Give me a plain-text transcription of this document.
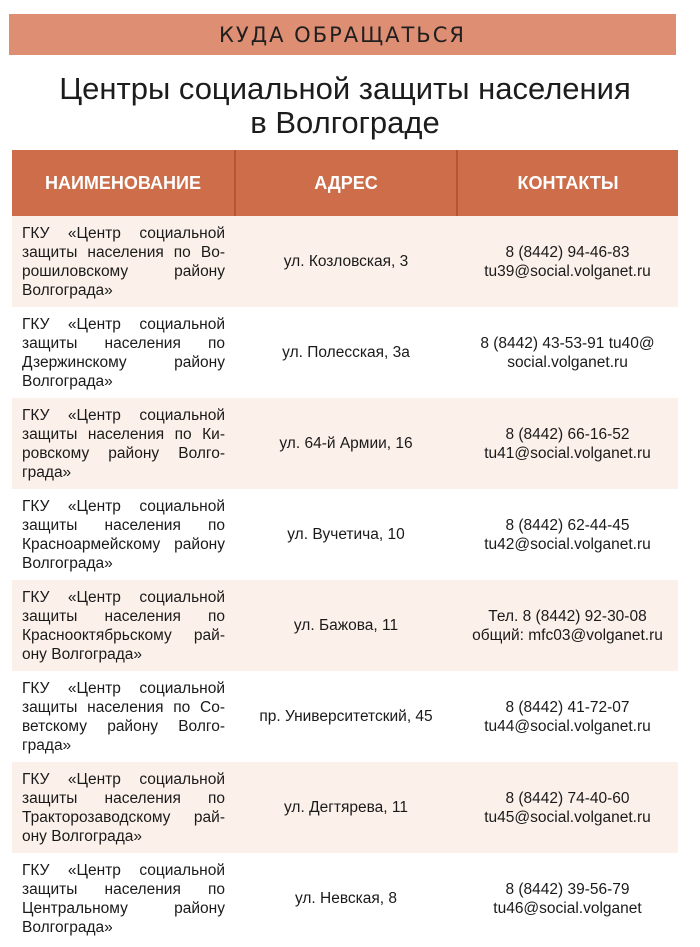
КУДА ОБРАЩАТЬСЯ
Центры социальной защиты населения
в Волгограде
НАИМЕНОВАНИЕ	АДРЕС	КОНТАКТЫ
ГКУ «Центр социальной защиты населения по Ворошиловскому району Волгограда»	ул. Козловская, 3	8 (8442) 94-46-83
tu39@social.volganet.ru

ГКУ «Центр социальной защиты населения по Дзержинскому району Волгограда»	ул. Полесская, 3а	8 (8442) 43-53-91 tu40@
social.volganet.ru

ГКУ «Центр социальной защиты населения по Кировскому району Волгограда»	ул. 64-й Армии, 16	8 (8442) 66-16-52
tu41@social.volganet.ru

ГКУ «Центр социальной защиты населения по Красноармейскому району Волгограда»	ул. Вучетича, 10	8 (8442) 62-44-45
tu42@social.volganet.ru

ГКУ «Центр социальной защиты населения по Краснооктябрьскому району Волгограда»	ул. Бажова, 11	Тел. 8 (8442) 92-30-08
общий: mfc03@volganet.ru

ГКУ «Центр социальной защиты населения по Советскому району Волгограда»	пр. Университетский, 45	8 (8442) 41-72-07
tu44@social.volganet.ru

ГКУ «Центр социальной защиты населения по Тракторозаводскому району Волгограда»	ул. Дегтярева, 11	8 (8442) 74-40-60
tu45@social.volganet.ru

ГКУ «Центр социальной защиты населения по Центральному району Волгограда»	ул. Невская, 8	8 (8442) 39-56-79
tu46@social.volganet
